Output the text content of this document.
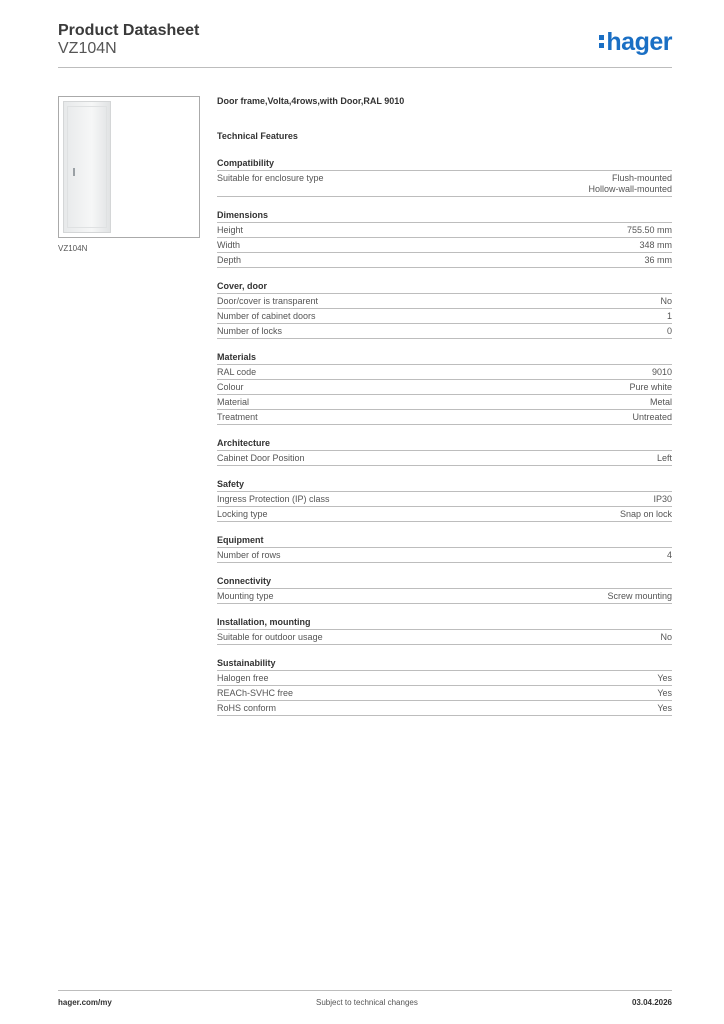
Product Datasheet

VZ104N	hager
VZ104N
Door frame,Volta,4rows,with Door,RAL 9010
Technical Features
Compatibility
Suitable for enclosure type	Flush-mounted
Hollow-wall-mounted
Dimensions
Height	755.50 mm
Width	348 mm
Depth	36 mm
Cover, door
Door/cover is transparent	No
Number of cabinet doors	1
Number of locks	0
Materials
RAL code	9010
Colour	Pure white
Material	Metal
Treatment	Untreated
Architecture
Cabinet Door Position	Left
Safety
Ingress Protection (IP) class	IP30
Locking type	Snap on lock
Equipment
Number of rows	4
Connectivity
Mounting type	Screw mounting
Installation, mounting
Suitable for outdoor usage	No
Sustainability
Halogen free	Yes
REACh-SVHC free	Yes
RoHS conform	Yes
hager.com/my	Subject to technical changes	03.04.2026
